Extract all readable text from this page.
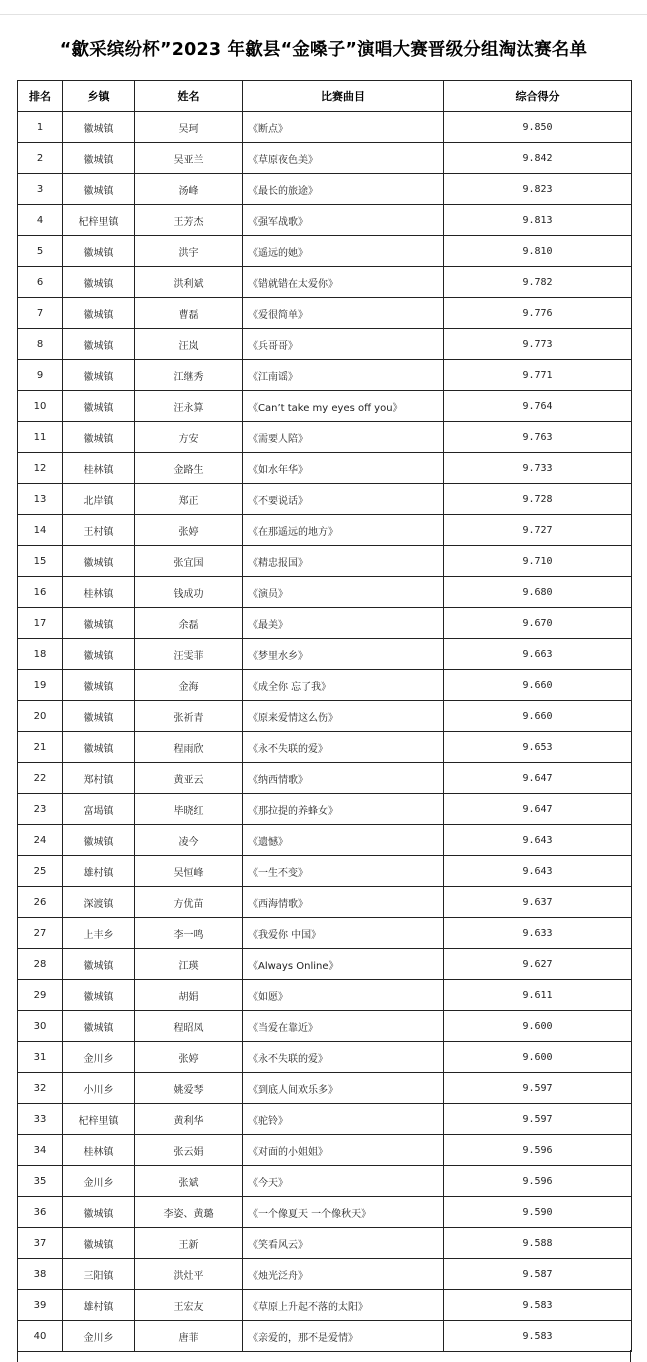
“歙采缤纷杯”2023 年歙县“金嗓子”演唱大赛晋级分组淘汰赛名单
排名	乡镇	姓名	比赛曲目	综合得分
1	徽城镇	吴珂	《断点》	9.850
2	徽城镇	吴亚兰	《草原夜色美》	9.842
3	徽城镇	汤峰	《最长的旅途》	9.823
4	杞梓里镇	王芳杰	《强军战歌》	9.813
5	徽城镇	洪宇	《遥远的她》	9.810
6	徽城镇	洪利斌	《错就错在太爱你》	9.782
7	徽城镇	曹磊	《爱很简单》	9.776
8	徽城镇	汪岚	《兵哥哥》	9.773
9	徽城镇	江继秀	《江南谣》	9.771
10	徽城镇	汪永算	《Can’t take my eyes off you》	9.764
11	徽城镇	方安	《需要人陪》	9.763
12	桂林镇	金路生	《如水年华》	9.733
13	北岸镇	郑正	《不要说话》	9.728
14	王村镇	张婷	《在那遥远的地方》	9.727
15	徽城镇	张宜国	《精忠报国》	9.710
16	桂林镇	钱成功	《演员》	9.680
17	徽城镇	余磊	《最美》	9.670
18	徽城镇	汪雯菲	《梦里水乡》	9.663
19	徽城镇	金海	《成全你 忘了我》	9.660
20	徽城镇	张祈青	《原来爱情这么伤》	9.660
21	徽城镇	程雨欣	《永不失联的爱》	9.653
22	郑村镇	黄亚云	《纳西情歌》	9.647
23	富堨镇	毕晓红	《那拉提的养蜂女》	9.647
24	徽城镇	凌今	《遗憾》	9.643
25	雄村镇	吴恒峰	《一生不变》	9.643
26	深渡镇	方优苗	《西海情歌》	9.637
27	上丰乡	李一鸣	《我爱你 中国》	9.633
28	徽城镇	江瑛	《Always Online》	9.627
29	徽城镇	胡娟	《如愿》	9.611
30	徽城镇	程昭凤	《当爱在靠近》	9.600
31	金川乡	张婷	《永不失联的爱》	9.600
32	小川乡	姚爱琴	《到底人间欢乐多》	9.597
33	杞梓里镇	黄利华	《驼铃》	9.597
34	桂林镇	张云娟	《对面的小姐姐》	9.596
35	金川乡	张斌	《今天》	9.596
36	徽城镇	李姿、黄璐	《一个像夏天 一个像秋天》	9.590
37	徽城镇	王新	《笑看风云》	9.588
38	三阳镇	洪灶平	《烛光泛舟》	9.587
39	雄村镇	王宏友	《草原上升起不落的太阳》	9.583
40	金川乡	唐菲	《亲爱的，那不是爱情》	9.583
